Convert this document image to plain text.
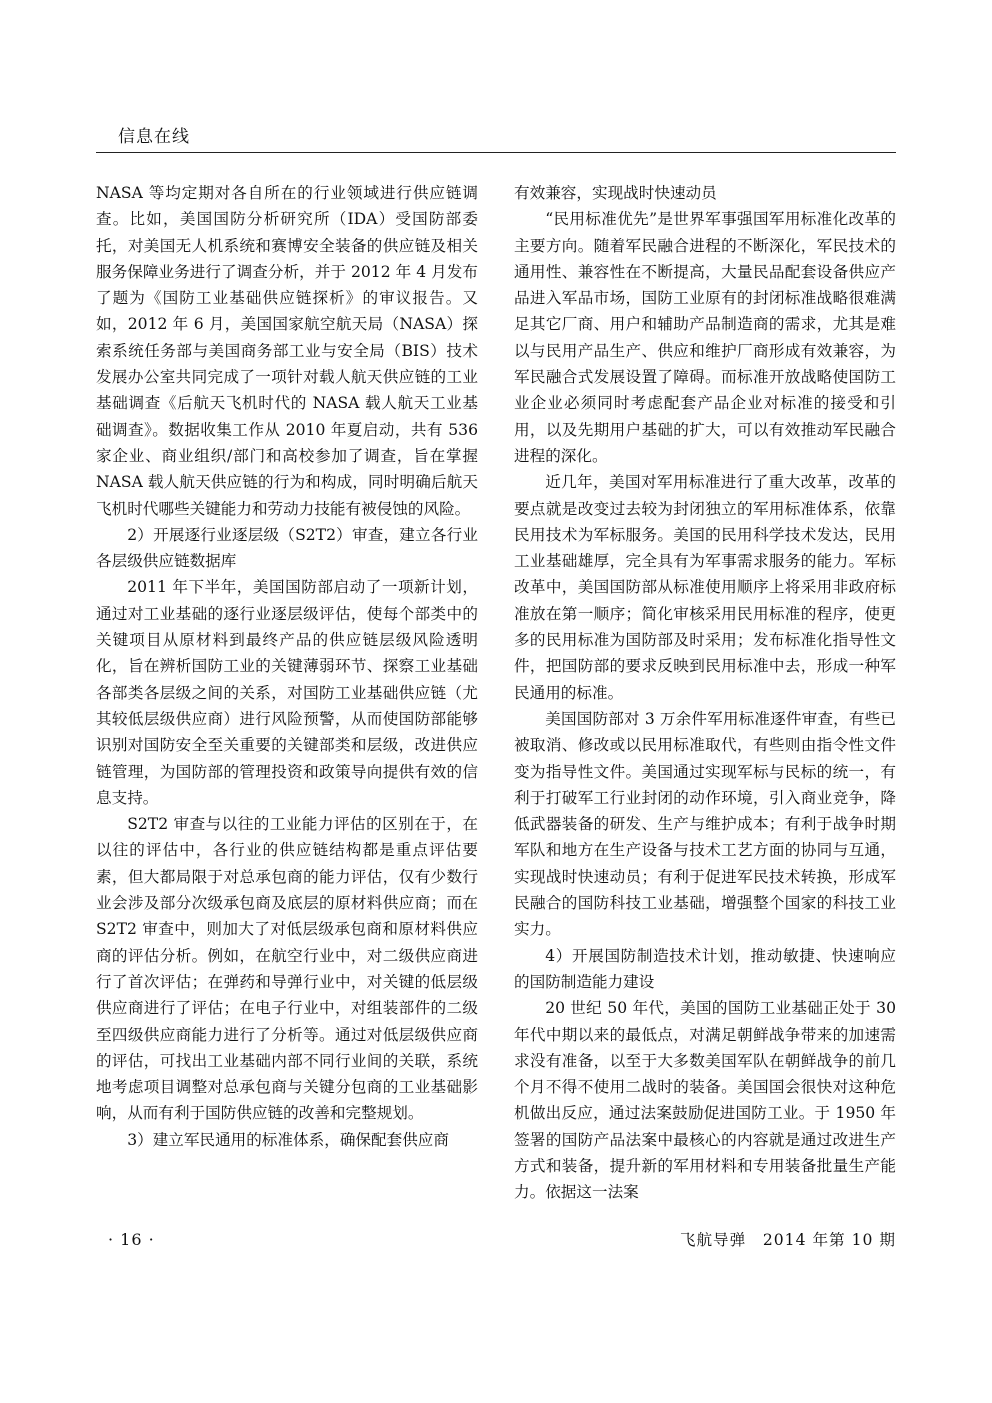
信息在线

NASA 等均定期对各自所在的行业领域进行供应链调查。比如，美国国防分析研究所（IDA）受国防部委托，对美国无人机系统和赛博安全装备的供应链及相关服务保障业务进行了调查分析，并于 2012 年 4 月发布了题为《国防工业基础供应链探析》的审议报告。又如，2012 年 6 月，美国国家航空航天局（NASA）探索系统任务部与美国商务部工业与安全局（BIS）技术发展办公室共同完成了一项针对载人航天供应链的工业基础调查《后航天飞机时代的 NASA 载人航天工业基础调查》。数据收集工作从 2010 年夏启动，共有 536 家企业、商业组织/部门和高校参加了调查，旨在掌握 NASA 载人航天供应链的行为和构成，同时明确后航天飞机时代哪些关键能力和劳动力技能有被侵蚀的风险。

2）开展逐行业逐层级（S2T2）审查，建立各行业各层级供应链数据库

2011 年下半年，美国国防部启动了一项新计划，通过对工业基础的逐行业逐层级评估，使每个部类中的关键项目从原材料到最终产品的供应链层级风险透明化，旨在辨析国防工业的关键薄弱环节、探察工业基础各部类各层级之间的关系，对国防工业基础供应链（尤其较低层级供应商）进行风险预警，从而使国防部能够识别对国防安全至关重要的关键部类和层级，改进供应链管理，为国防部的管理投资和政策导向提供有效的信息支持。

S2T2 审查与以往的工业能力评估的区别在于，在以往的评估中，各行业的供应链结构都是重点评估要素，但大都局限于对总承包商的能力评估，仅有少数行业会涉及部分次级承包商及底层的原材料供应商；而在 S2T2 审查中，则加大了对低层级承包商和原材料供应商的评估分析。例如，在航空行业中，对二级供应商进行了首次评估；在弹药和导弹行业中，对关键的低层级供应商进行了评估；在电子行业中，对组装部件的二级至四级供应商能力进行了分析等。通过对低层级供应商的评估，可找出工业基础内部不同行业间的关联，系统地考虑项目调整对总承包商与关键分包商的工业基础影响，从而有利于国防供应链的改善和完整规划。

3）建立军民通用的标准体系，确保配套供应商

有效兼容，实现战时快速动员

“民用标准优先”是世界军事强国军用标准化改革的主要方向。随着军民融合进程的不断深化，军民技术的通用性、兼容性在不断提高，大量民品配套设备供应产品进入军品市场，国防工业原有的封闭标准战略很难满足其它厂商、用户和辅助产品制造商的需求，尤其是难以与民用产品生产、供应和维护厂商形成有效兼容，为军民融合式发展设置了障碍。而标准开放战略使国防工业企业必须同时考虑配套产品企业对标准的接受和引用，以及先期用户基础的扩大，可以有效推动军民融合进程的深化。

近几年，美国对军用标准进行了重大改革，改革的要点就是改变过去较为封闭独立的军用标准体系，依靠民用技术为军标服务。美国的民用科学技术发达，民用工业基础雄厚，完全具有为军事需求服务的能力。军标改革中，美国国防部从标准使用顺序上将采用非政府标准放在第一顺序；简化审核采用民用标准的程序，使更多的民用标准为国防部及时采用；发布标准化指导性文件，把国防部的要求反映到民用标准中去，形成一种军民通用的标准。

美国国防部对 3 万余件军用标准逐件审查，有些已被取消、修改或以民用标准取代，有些则由指令性文件变为指导性文件。美国通过实现军标与民标的统一，有利于打破军工行业封闭的动作环境，引入商业竞争，降低武器装备的研发、生产与维护成本；有利于战争时期军队和地方在生产设备与技术工艺方面的协同与互通，实现战时快速动员；有利于促进军民技术转换，形成军民融合的国防科技工业基础，增强整个国家的科技工业实力。

4）开展国防制造技术计划，推动敏捷、快速响应的国防制造能力建设

20 世纪 50 年代，美国的国防工业基础正处于 30 年代中期以来的最低点，对满足朝鲜战争带来的加速需求没有准备，以至于大多数美国军队在朝鲜战争的前几个月不得不使用二战时的装备。美国国会很快对这种危机做出反应，通过法案鼓励促进国防工业。于 1950 年签署的国防产品法案中最核心的内容就是通过改进生产方式和装备，提升新的军用材料和专用装备批量生产能力。依据这一法案

· 16 ·	飞航导弹　2014 年第 10 期
